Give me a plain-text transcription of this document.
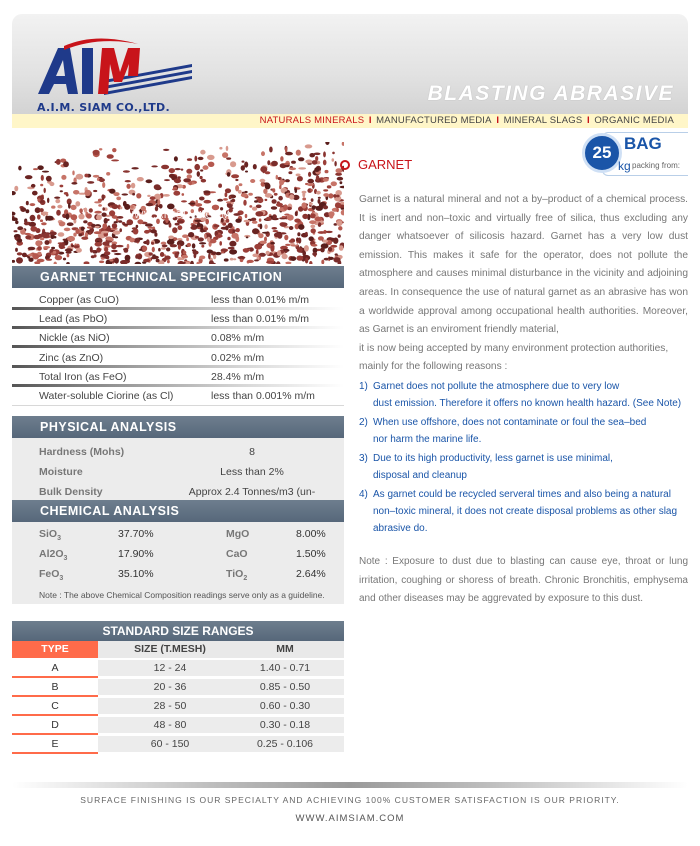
A.I.M. SIAM CO.,LTD.
BLASTING ABRASIVE
NATURALS MINERALS I MANUFACTURED MEDIA I MINERAL SLAGS I ORGANIC MEDIA
WWW.AIMSIAM.COM
GARNET TECHNICAL SPECIFICATION
Copper (as CuO)	less than 0.01% m/m
Lead (as PbO)	less than 0.01% m/m
Nickle (as NiO)	0.08% m/m
Zinc (as ZnO)	0.02% m/m
Total Iron (as FeO)	28.4% m/m
Water-soluble Ciorine (as Cl)	less than 0.001% m/m
PHYSICAL ANALYSIS
Hardness (Mohs)	8
Moisture	Less than 2%
Bulk Density	Approx 2.4 Tonnes/m3 (un-
CHEMICAL ANALYSIS
SiO$_3$	37.70%	MgO	8.00%
$Al2O_3$	17.90%	CaO	1.50%
FeO$_3$	35.10%	TiO$_2$	2.64%
Note : The above Chemical Composition readings serve only as a guideline.
STANDARD SIZE RANGES
TYPE	SIZE (T.MESH)	MM
A	12 - 24	1.40 - 0.71
B	20 - 36	0.85 - 0.50
C	28 - 50	0.60 - 0.30
D	48 - 80	0.30 - 0.18
E	60 - 150	0.25 - 0.106
25 BAG
kg packing from:
GARNET
Garnet is a natural mineral and not a by–product of a chemical process. It is inert and non–toxic and virtually free of silica, thus excluding any danger whatsoever of silicosis hazard. Garnet has a very low dust emission. This makes it safe for the operator, does not pollute the atmosphere and causes minimal disturbance in the vicinity and adjoining areas. In consequence the use of natural garnet as an abrasive has won a worldwide approval among occupational health authorities. Moreover, as Garnet is an enviroment friendly material,
it is now being accepted by many environment protection authorities,
mainly for the following reasons :
1) Garnet does not pollute the atmosphere due to very low
dust emission. Therefore it offers no known health hazard. (See Note)
2) When use offshore, does not contaminate or foul the sea–bed
nor harm the marine life.
3) Due to its high productivity, less garnet is use minimal,
disposal and cleanup
4) As garnet could be recycled serveral times and also being a natural
non–toxic mineral, it does not create disposal problems as other slag
abrasive do.
Note : Exposure to dust due to blasting can cause eye, throat or lung irritation, coughing or shoress of breath. Chronic Bronchitis, emphysema and other diseases may be aggrevated by exposure to this dust.
SURFACE FINISHING IS OUR SPECIALTY AND ACHIEVING 100% CUSTOMER SATISFACTION IS OUR PRIORITY.
WWW.AIMSIAM.COM
